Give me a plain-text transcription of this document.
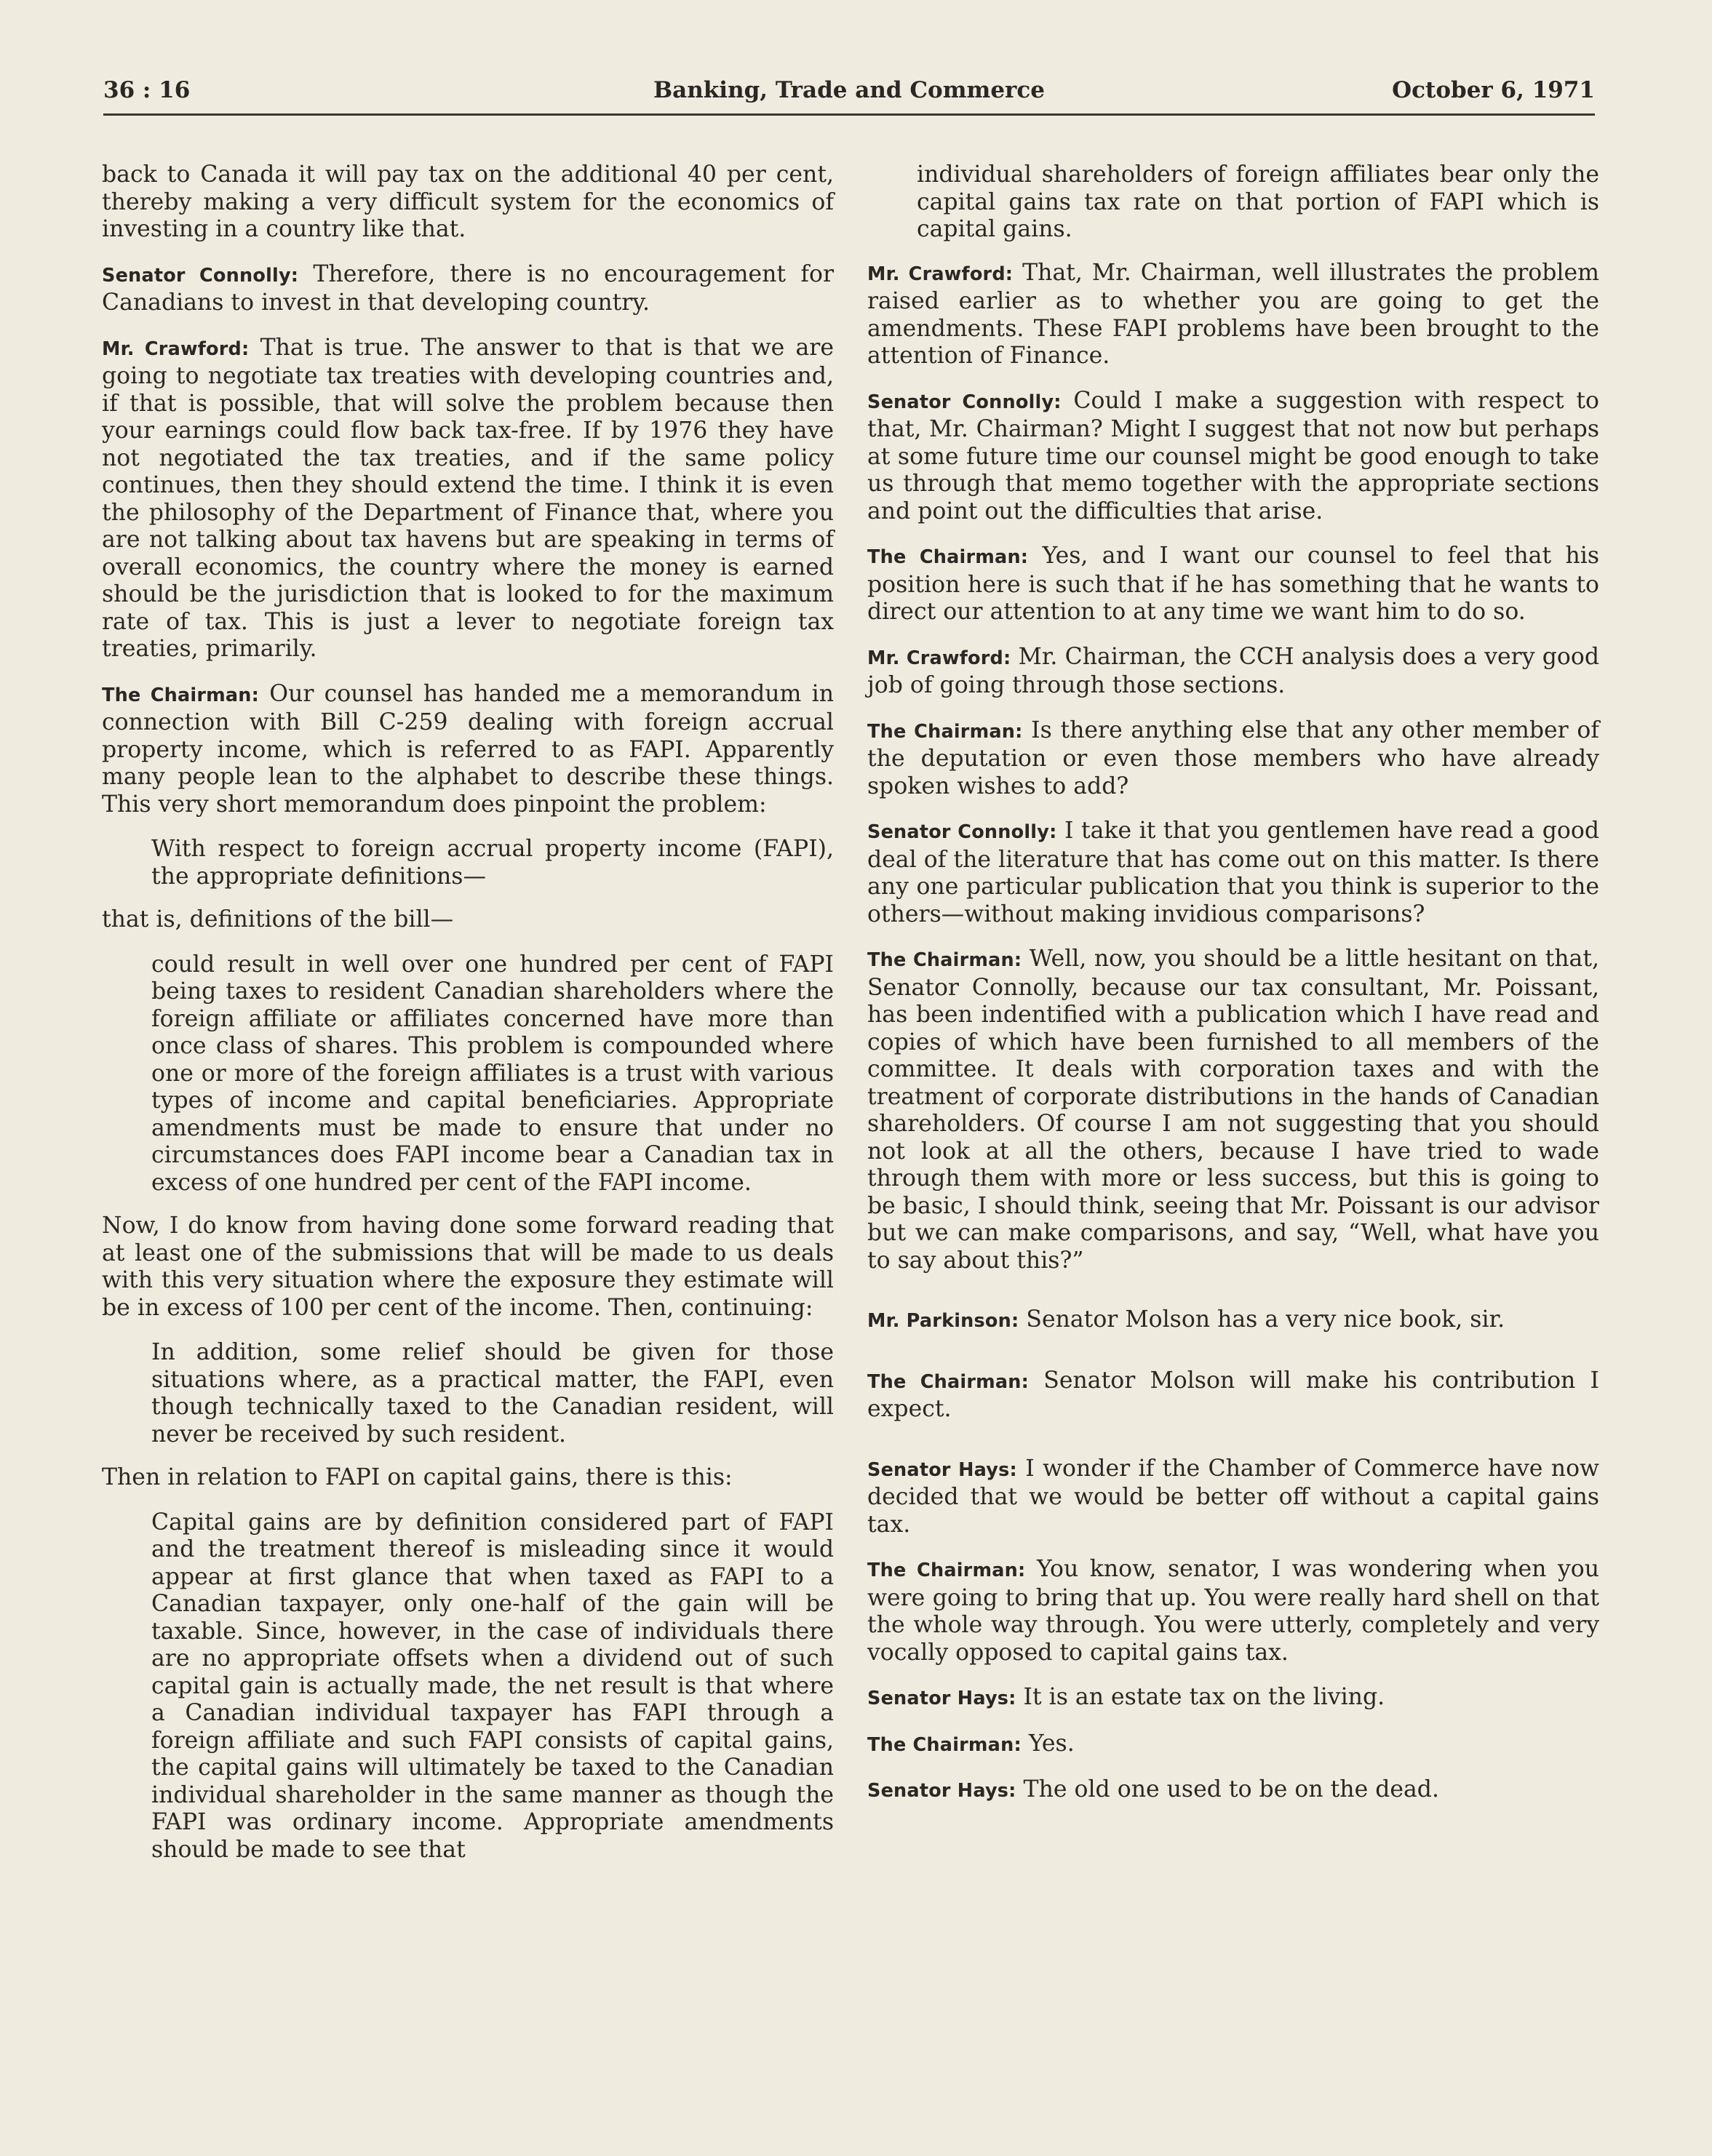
36 : 16	Banking, Trade and Commerce	October 6, 1971

back to Canada it will pay tax on the additional 40 per cent, thereby making a very difficult system for the economics of investing in a country like that.

Senator Connolly: Therefore, there is no encouragement for Canadians to invest in that developing country.

Mr. Crawford: That is true. The answer to that is that we are going to negotiate tax treaties with developing countries and, if that is possible, that will solve the problem because then your earnings could flow back tax-free. If by 1976 they have not negotiated the tax treaties, and if the same policy continues, then they should extend the time. I think it is even the philosophy of the Department of Finance that, where you are not talking about tax havens but are speaking in terms of overall economics, the country where the money is earned should be the jurisdiction that is looked to for the maximum rate of tax. This is just a lever to negotiate foreign tax treaties, primarily.

The Chairman: Our counsel has handed me a memorandum in connection with Bill C-259 dealing with foreign accrual property income, which is referred to as FAPI. Apparently many people lean to the alphabet to describe these things. This very short memorandum does pinpoint the problem:

With respect to foreign accrual property income (FAPI), the appropriate definitions—

that is, definitions of the bill—

could result in well over one hundred per cent of FAPI being taxes to resident Canadian shareholders where the foreign affiliate or affiliates concerned have more than once class of shares. This problem is compounded where one or more of the foreign affiliates is a trust with various types of income and capital beneficiaries. Appropriate amendments must be made to ensure that under no circumstances does FAPI income bear a Canadian tax in excess of one hundred per cent of the FAPI income.

Now, I do know from having done some forward reading that at least one of the submissions that will be made to us deals with this very situation where the exposure they estimate will be in excess of 100 per cent of the income. Then, continuing:

In addition, some relief should be given for those situations where, as a practical matter, the FAPI, even though technically taxed to the Canadian resident, will never be received by such resident.

Then in relation to FAPI on capital gains, there is this:

Capital gains are by definition considered part of FAPI and the treatment thereof is misleading since it would appear at first glance that when taxed as FAPI to a Canadian taxpayer, only one-half of the gain will be taxable. Since, however, in the case of individuals there are no appropriate offsets when a dividend out of such capital gain is actually made, the net result is that where a Canadian individual taxpayer has FAPI through a foreign affiliate and such FAPI consists of capital gains, the capital gains will ultimately be taxed to the Canadian individual shareholder in the same manner as though the FAPI was ordinary income. Appropriate amendments should be made to see that

individual shareholders of foreign affiliates bear only the capital gains tax rate on that portion of FAPI which is capital gains.

Mr. Crawford: That, Mr. Chairman, well illustrates the problem raised earlier as to whether you are going to get the amendments. These FAPI problems have been brought to the attention of Finance.

Senator Connolly: Could I make a suggestion with respect to that, Mr. Chairman? Might I suggest that not now but perhaps at some future time our counsel might be good enough to take us through that memo together with the appropriate sections and point out the difficulties that arise.

The Chairman: Yes, and I want our counsel to feel that his position here is such that if he has something that he wants to direct our attention to at any time we want him to do so.

Mr. Crawford: Mr. Chairman, the CCH analysis does a very good job of going through those sections.

The Chairman: Is there anything else that any other member of the deputation or even those members who have already spoken wishes to add?

Senator Connolly: I take it that you gentlemen have read a good deal of the literature that has come out on this matter. Is there any one particular publication that you think is superior to the others—without making invidious comparisons?

The Chairman: Well, now, you should be a little hesitant on that, Senator Connolly, because our tax consultant, Mr. Poissant, has been indentified with a publication which I have read and copies of which have been furnished to all members of the committee. It deals with corporation taxes and with the treatment of corporate distributions in the hands of Canadian shareholders. Of course I am not suggesting that you should not look at all the others, because I have tried to wade through them with more or less success, but this is going to be basic, I should think, seeing that Mr. Poissant is our advisor but we can make comparisons, and say, “Well, what have you to say about this?”

Mr. Parkinson: Senator Molson has a very nice book, sir.

The Chairman: Senator Molson will make his contribution I expect.

Senator Hays: I wonder if the Chamber of Commerce have now decided that we would be better off without a capital gains tax.

The Chairman: You know, senator, I was wondering when you were going to bring that up. You were really hard shell on that the whole way through. You were utterly, completely and very vocally opposed to capital gains tax.

Senator Hays: It is an estate tax on the living.

The Chairman: Yes.

Senator Hays: The old one used to be on the dead.
